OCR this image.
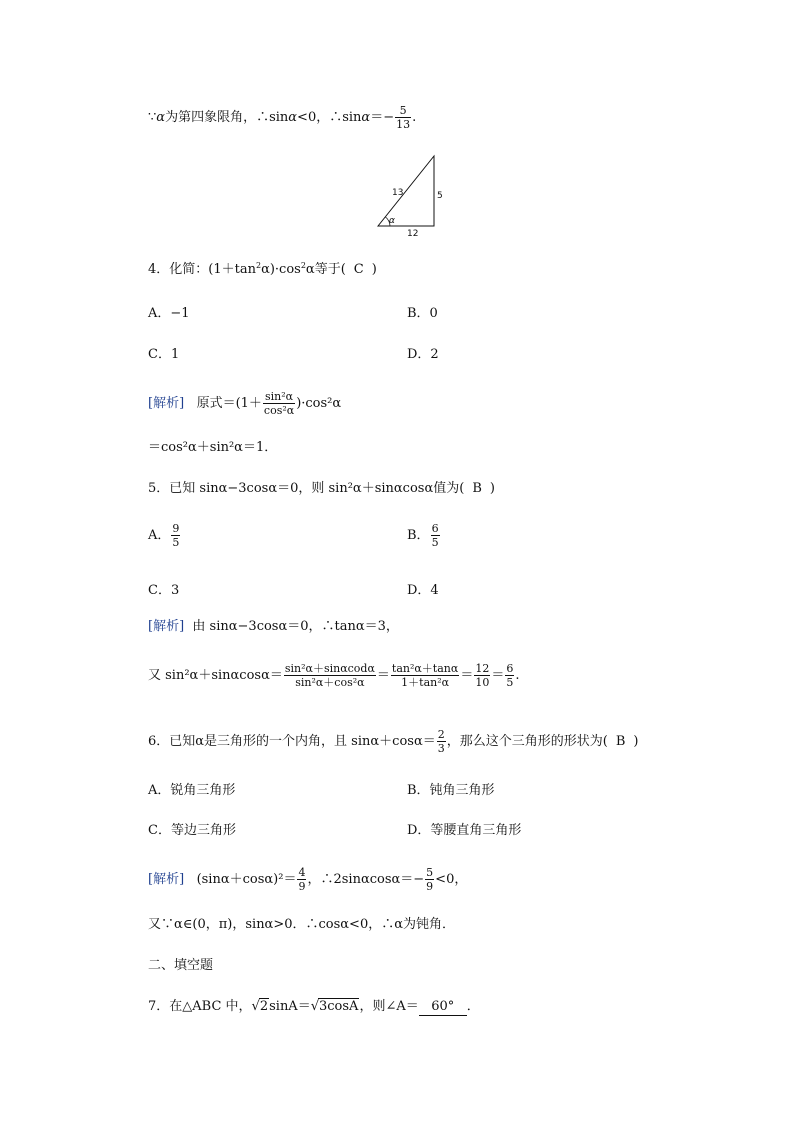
∵α为第四象限角，∴sinα<0，∴sinα＝− $\frac{5}{13}$ .
13	5
12
α
4．化简：$(1+\tan^2\alpha)\cdot\cos^2\alpha$等于( C )
A．−1	B．0
C．1	D．2
[解析] 原式$=(1+ \frac{\text{sin²α}}{\text{cos²α}} )\cdot\cos^2\alpha$
＝cos²α＋sin²α＝1．
5．已知 sinα−3cosα＝0，则 sin²α＋sinαcosα值为( B )
A． $\frac{9}{5}$	B． $\frac{6}{5}$
C．3	D．4
[解析] 由 sinα−3cosα＝0，∴tanα＝3，
又 $\sin^2\alpha+\sin\alpha\cos\alpha= \frac{\text{sin²α＋sinαcodα}}{\text{sin²α＋cos²α}} = \frac{\text{tan²α＋tanα}}{\text{1＋tan²α}} = \frac{12}{10} = \frac{6}{5}$ .
6．已知α是三角形的一个内角，且 $\sin\alpha+\cos\alpha= \frac{2}{3}$ ，那么这个三角形的形状为( B )
A．锐角三角形	B．钝角三角形
C．等边三角形	D．等腰直角三角形
[解析] $(\sin\alpha+\cos\alpha)^2= \frac{4}{9}$ ，∴2sinαcosα＝− $\frac{5}{9} <0$，
又∵α∈(0，π)，sinα>0．∴cosα<0，∴α为钝角．
二、填空题
7．在△ABC 中，√2sinA＝√3cosA，则∠A＝ 60° ．
